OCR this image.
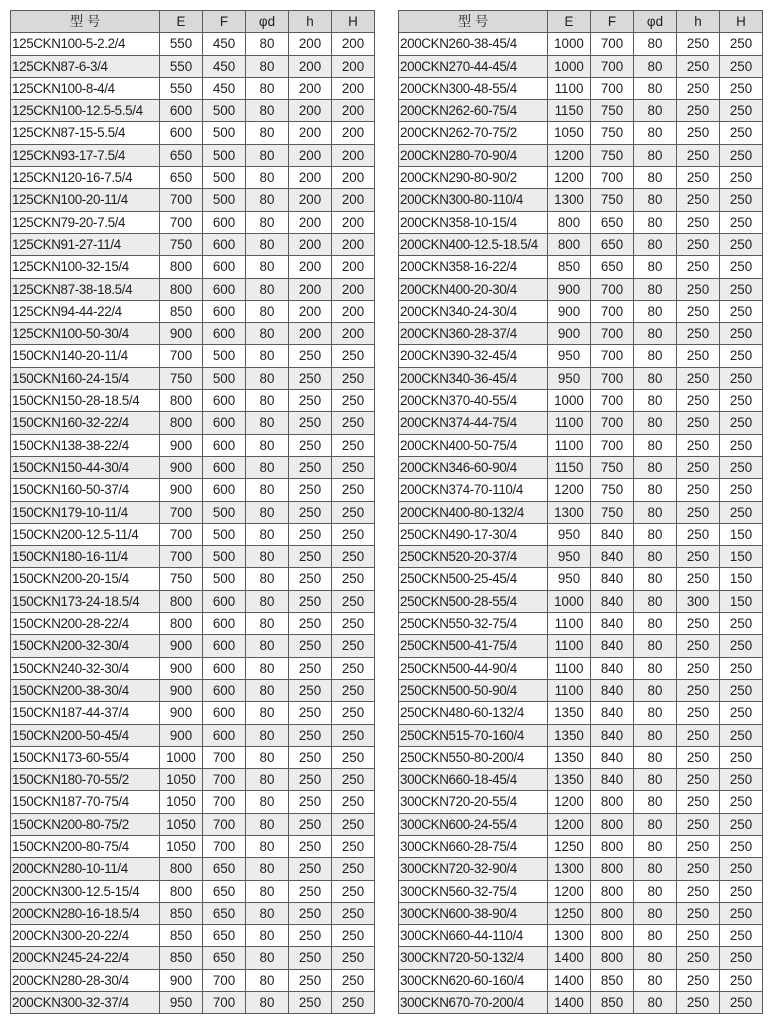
型 号	E	F	φd	h	H
125CKN100-5-2.2/4	550	450	80	200	200
125CKN87-6-3/4	550	450	80	200	200
125CKN100-8-4/4	550	450	80	200	200
125CKN100-12.5-5.5/4	600	500	80	200	200
125CKN87-15-5.5/4	600	500	80	200	200
125CKN93-17-7.5/4	650	500	80	200	200
125CKN120-16-7.5/4	650	500	80	200	200
125CKN100-20-11/4	700	500	80	200	200
125CKN79-20-7.5/4	700	600	80	200	200
125CKN91-27-11/4	750	600	80	200	200
125CKN100-32-15/4	800	600	80	200	200
125CKN87-38-18.5/4	800	600	80	200	200
125CKN94-44-22/4	850	600	80	200	200
125CKN100-50-30/4	900	600	80	200	200
150CKN140-20-11/4	700	500	80	250	250
150CKN160-24-15/4	750	500	80	250	250
150CKN150-28-18.5/4	800	600	80	250	250
150CKN160-32-22/4	800	600	80	250	250
150CKN138-38-22/4	900	600	80	250	250
150CKN150-44-30/4	900	600	80	250	250
150CKN160-50-37/4	900	600	80	250	250
150CKN179-10-11/4	700	500	80	250	250
150CKN200-12.5-11/4	700	500	80	250	250
150CKN180-16-11/4	700	500	80	250	250
150CKN200-20-15/4	750	500	80	250	250
150CKN173-24-18.5/4	800	600	80	250	250
150CKN200-28-22/4	800	600	80	250	250
150CKN200-32-30/4	900	600	80	250	250
150CKN240-32-30/4	900	600	80	250	250
150CKN200-38-30/4	900	600	80	250	250
150CKN187-44-37/4	900	600	80	250	250
150CKN200-50-45/4	900	600	80	250	250
150CKN173-60-55/4	1000	700	80	250	250
150CKN180-70-55/2	1050	700	80	250	250
150CKN187-70-75/4	1050	700	80	250	250
150CKN200-80-75/2	1050	700	80	250	250
150CKN200-80-75/4	1050	700	80	250	250
200CKN280-10-11/4	800	650	80	250	250
200CKN300-12.5-15/4	800	650	80	250	250
200CKN280-16-18.5/4	850	650	80	250	250
200CKN300-20-22/4	850	650	80	250	250
200CKN245-24-22/4	850	650	80	250	250
200CKN280-28-30/4	900	700	80	250	250
200CKN300-32-37/4	950	700	80	250	250
型 号	E	F	φd	h	H
200CKN260-38-45/4	1000	700	80	250	250
200CKN270-44-45/4	1000	700	80	250	250
200CKN300-48-55/4	1100	700	80	250	250
200CKN262-60-75/4	1150	750	80	250	250
200CKN262-70-75/2	1050	750	80	250	250
200CKN280-70-90/4	1200	750	80	250	250
200CKN290-80-90/2	1200	700	80	250	250
200CKN300-80-110/4	1300	750	80	250	250
200CKN358-10-15/4	800	650	80	250	250
200CKN400-12.5-18.5/4	800	650	80	250	250
200CKN358-16-22/4	850	650	80	250	250
200CKN400-20-30/4	900	700	80	250	250
200CKN340-24-30/4	900	700	80	250	250
200CKN360-28-37/4	900	700	80	250	250
200CKN390-32-45/4	950	700	80	250	250
200CKN340-36-45/4	950	700	80	250	250
200CKN370-40-55/4	1000	700	80	250	250
200CKN374-44-75/4	1100	700	80	250	250
200CKN400-50-75/4	1100	700	80	250	250
200CKN346-60-90/4	1150	750	80	250	250
200CKN374-70-110/4	1200	750	80	250	250
200CKN400-80-132/4	1300	750	80	250	250
250CKN490-17-30/4	950	840	80	250	150
250CKN520-20-37/4	950	840	80	250	150
250CKN500-25-45/4	950	840	80	250	150
250CKN500-28-55/4	1000	840	80	300	150
250CKN550-32-75/4	1100	840	80	250	250
250CKN500-41-75/4	1100	840	80	250	250
250CKN500-44-90/4	1100	840	80	250	250
250CKN500-50-90/4	1100	840	80	250	250
250CKN480-60-132/4	1350	840	80	250	250
250CKN515-70-160/4	1350	840	80	250	250
250CKN550-80-200/4	1350	840	80	250	250
300CKN660-18-45/4	1350	840	80	250	250
300CKN720-20-55/4	1200	800	80	250	250
300CKN600-24-55/4	1200	800	80	250	250
300CKN660-28-75/4	1250	800	80	250	250
300CKN720-32-90/4	1300	800	80	250	250
300CKN560-32-75/4	1200	800	80	250	250
300CKN600-38-90/4	1250	800	80	250	250
300CKN660-44-110/4	1300	800	80	250	250
300CKN720-50-132/4	1400	800	80	250	250
300CKN620-60-160/4	1400	850	80	250	250
300CKN670-70-200/4	1400	850	80	250	250
